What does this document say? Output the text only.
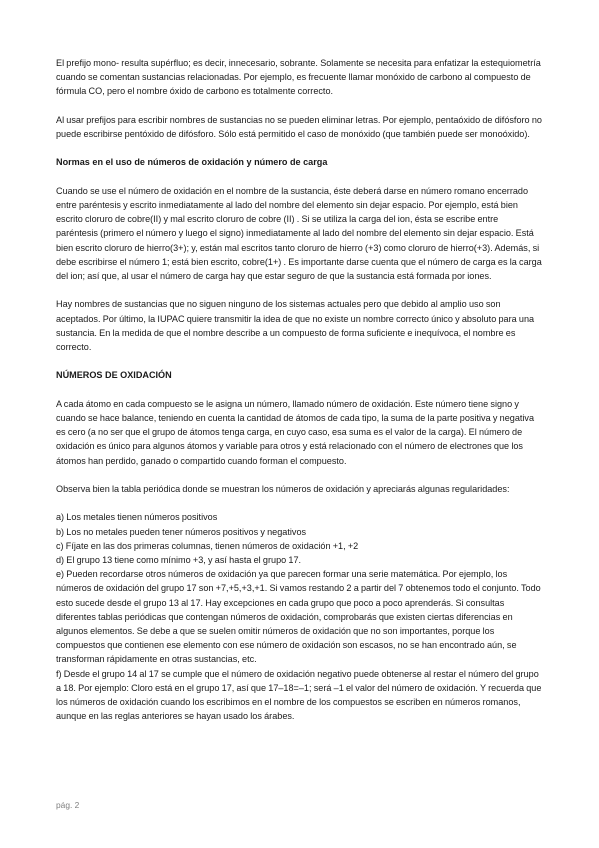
El prefijo mono- resulta supérfluo; es decir, innecesario, sobrante. Solamente se necesita para enfatizar la estequiometría cuando se comentan sustancias relacionadas. Por ejemplo, es frecuente llamar monóxido de carbono al compuesto de fórmula CO, pero el nombre óxido de carbono es totalmente correcto.

Al usar prefijos para escribir nombres de sustancias no se pueden eliminar letras. Por ejemplo, pentaóxido de difósforo no puede escribirse pentóxido de difósforo. Sólo está permitido el caso de monóxido (que también puede ser monoóxido).

Normas en el uso de números de oxidación y número de carga

Cuando se use el número de oxidación en el nombre de la sustancia, éste deberá darse en número romano encerrado entre paréntesis y escrito inmediatamente al lado del nombre del elemento sin dejar espacio. Por ejemplo, está bien escrito cloruro de cobre(II) y mal escrito cloruro de cobre (II) . Si se utiliza la carga del ion, ésta se escribe entre paréntesis (primero el número y luego el signo) inmediatamente al lado del nombre del elemento sin dejar espacio. Está bien escrito cloruro de hierro(3+); y, están mal escritos tanto cloruro de hierro (+3) como cloruro de hierro(+3). Además, si debe escribirse el número 1; está bien escrito, cobre(1+) . Es importante darse cuenta que el número de carga es la carga del ion; así que, al usar el número de carga hay que estar seguro de que la sustancia está formada por iones.

Hay nombres de sustancias que no siguen ninguno de los sistemas actuales pero que debido al amplio uso son aceptados. Por último, la IUPAC quiere transmitir la idea de que no existe un nombre correcto único y absoluto para una sustancia. En la medida de que el nombre describe a un compuesto de forma suficiente e inequívoca, el nombre es correcto.

NÚMEROS DE OXIDACIÓN

A cada átomo en cada compuesto se le asigna un número, llamado número de oxidación. Este número tiene signo y cuando se hace balance, teniendo en cuenta la cantidad de átomos de cada tipo, la suma de la parte positiva y negativa es cero (a no ser que el grupo de átomos tenga carga, en cuyo caso, esa suma es el valor de la carga). El número de oxidación es único para algunos átomos y variable para otros y está relacionado con el número de electrones que los átomos han perdido, ganado o compartido cuando forman el compuesto.

Observa bien la tabla periódica donde se muestran los números de oxidación y apreciarás algunas regularidades:

a) Los metales tienen números positivos
b) Los no metales pueden tener números positivos y negativos
c) Fíjate en las dos primeras columnas, tienen números de oxidación +1, +2
d) El grupo 13 tiene como mínimo +3, y así hasta el grupo 17.
e) Pueden recordarse otros números de oxidación ya que parecen formar una serie matemática. Por ejemplo, los números de oxidación del grupo 17 son +7,+5,+3,+1. Si vamos restando 2 a partir del 7 obtenemos todo el conjunto. Todo esto sucede desde el grupo 13 al 17. Hay excepciones en cada grupo que poco a poco aprenderás. Si consultas diferentes tablas periódicas que contengan números de oxidación, comprobarás que existen ciertas diferencias en algunos elementos. Se debe a que se suelen omitir números de oxidación que no son importantes, porque los compuestos que contienen ese elemento con ese número de oxidación son escasos, no se han encontrado aún, se transforman rápidamente en otras sustancias, etc.
f) Desde el grupo 14 al 17 se cumple que el número de oxidación negativo puede obtenerse al restar el número del grupo a 18. Por ejemplo: Cloro está en el grupo 17, así que 17–18=–1; será –1 el valor del número de oxidación. Y recuerda que los números de oxidación cuando los escribimos en el nombre de los compuestos se escriben en números romanos, aunque en las reglas anteriores se hayan usado los árabes.
pág. 2
